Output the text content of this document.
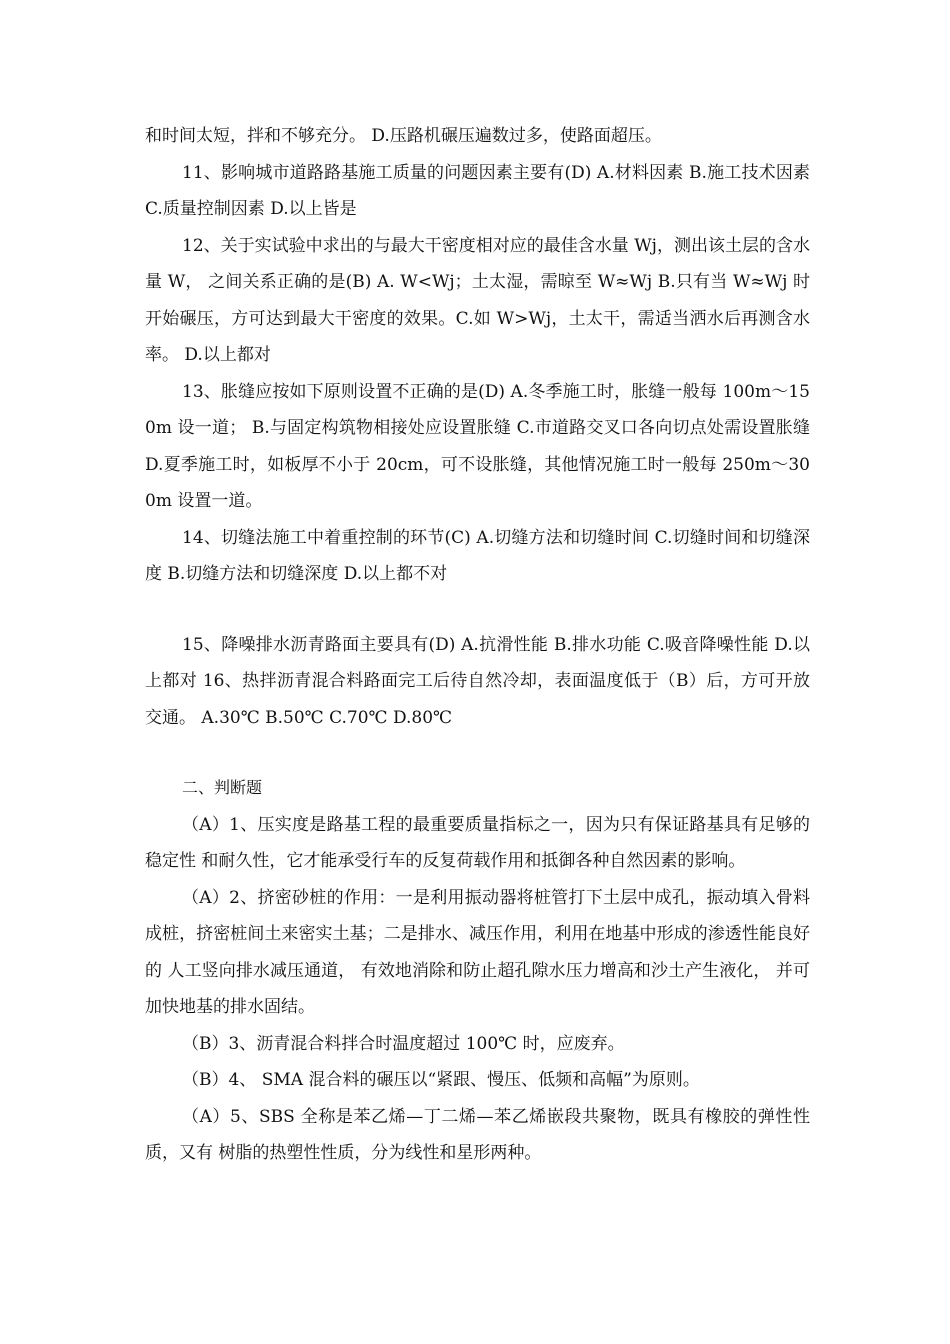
和时间太短，拌和不够充分。 D.压路机碾压遍数过多，使路面超压。

11、影响城市道路路基施工质量的问题因素主要有(D) A.材料因素 B.施工技术因素 C.质量控制因素 D.以上皆是

12、关于实试验中求出的与最大干密度相对应的最佳含水量 Wj，测出该土层的含水量 W， 之间关系正确的是(B) A. W<Wj；土太湿，需晾至 W≈Wj B.只有当 W≈Wj 时开始碾压，方可达到最大干密度的效果。C.如 W>Wj，土太干，需适当洒水后再测含水率。 D.以上都对

13、胀缝应按如下原则设置不正确的是(D) A.冬季施工时，胀缝一般每 100m～150m 设一道； B.与固定构筑物相接处应设置胀缝 C.市道路交叉口各向切点处需设置胀缝 D.夏季施工时，如板厚不小于 20cm，可不设胀缝，其他情况施工时一般每 250m～300m 设置一道。

14、切缝法施工中着重控制的环节(C) A.切缝方法和切缝时间 C.切缝时间和切缝深度 B.切缝方法和切缝深度 D.以上都不对

15、降噪排水沥青路面主要具有(D) A.抗滑性能 B.排水功能 C.吸音降噪性能 D.以上都对 16、热拌沥青混合料路面完工后待自然冷却，表面温度低于（B）后，方可开放交通。 A.30℃ B.50℃ C.70℃ D.80℃

二、判断题

（A）1、压实度是路基工程的最重要质量指标之一，因为只有保证路基具有足够的稳定性 和耐久性，它才能承受行车的反复荷载作用和抵御各种自然因素的影响。

（A）2、挤密砂桩的作用：一是利用振动器将桩管打下土层中成孔，振动填入骨料成桩，挤密桩间土来密实土基；二是排水、减压作用，利用在地基中形成的渗透性能良好的 人工竖向排水减压通道， 有效地消除和防止超孔隙水压力增高和沙土产生液化， 并可 加快地基的排水固结。

（B）3、沥青混合料拌合时温度超过 100℃ 时，应废弃。

（B）4、 SMA 混合料的碾压以“紧跟、慢压、低频和高幅”为原则。

（A）5、SBS 全称是苯乙烯—丁二烯—苯乙烯嵌段共聚物，既具有橡胶的弹性性质，又有 树脂的热塑性性质，分为线性和星形两种。
